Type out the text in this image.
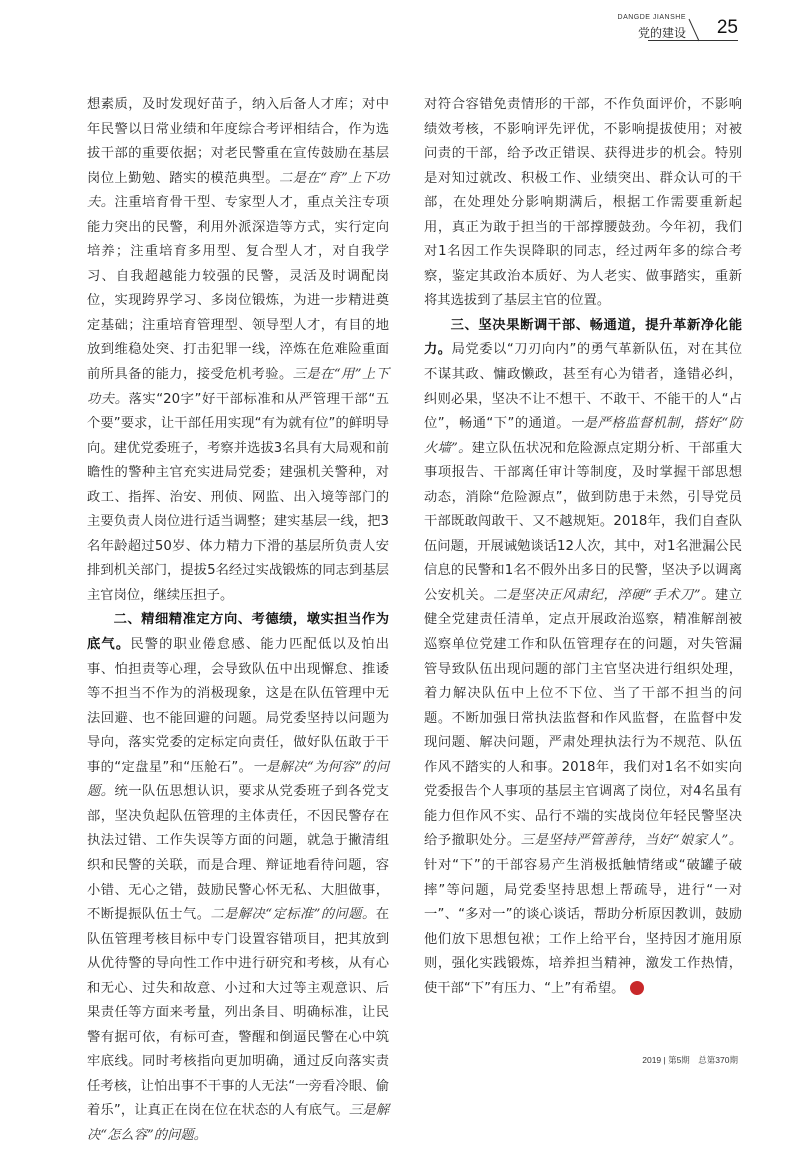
DANGDE JIANSHE
党的建设 25

想素质，及时发现好苗子，纳入后备人才库；对中年民警以日常业绩和年度综合考评相结合，作为选拔干部的重要依据；对老民警重在宣传鼓励在基层岗位上勤勉、踏实的模范典型。二是在“育”上下功夫。注重培育骨干型、专家型人才，重点关注专项能力突出的民警，利用外派深造等方式，实行定向培养；注重培育多用型、复合型人才，对自我学习、自我超越能力较强的民警，灵活及时调配岗位，实现跨界学习、多岗位锻炼，为进一步精进奠定基础；注重培育管理型、领导型人才，有目的地放到维稳处突、打击犯罪一线，淬炼在危难险重面前所具备的能力，接受危机考验。三是在“用”上下功夫。落实“20字”好干部标准和从严管理干部“五个要”要求，让干部任用实现“有为就有位”的鲜明导向。建优党委班子，考察并选拔3名具有大局观和前瞻性的警种主官充实进局党委；建强机关警种，对政工、指挥、治安、刑侦、网监、出入境等部门的主要负责人岗位进行适当调整；建实基层一线，把3名年龄超过50岁、体力精力下滑的基层所负责人安排到机关部门，提拔5名经过实战锻炼的同志到基层主官岗位，继续压担子。

二、精细精准定方向、考德绩，墩实担当作为底气。民警的职业倦怠感、能力匹配低以及怕出事、怕担责等心理，会导致队伍中出现懈怠、推诿等不担当不作为的消极现象，这是在队伍管理中无法回避、也不能回避的问题。局党委坚持以问题为导向，落实党委的定标定向责任，做好队伍敢于干事的“定盘星”和“压舱石”。一是解决“为何容”的问题。统一队伍思想认识，要求从党委班子到各党支部，坚决负起队伍管理的主体责任，不因民警存在执法过错、工作失误等方面的问题，就急于撇清组织和民警的关联，而是合理、辩证地看待问题，容小错、无心之错，鼓励民警心怀无私、大胆做事，不断提振队伍士气。二是解决“定标准”的问题。在队伍管理考核目标中专门设置容错项目，把其放到从优待警的导向性工作中进行研究和考核，从有心和无心、过失和故意、小过和大过等主观意识、后果责任等方面来考量，列出条目、明确标准，让民警有据可依，有标可查，警醒和倒逼民警在心中筑牢底线。同时考核指向更加明确，通过反向落实责任考核，让怕出事不干事的人无法“一旁看冷眼、偷着乐”，让真正在岗在位在状态的人有底气。三是解决“怎么容”的问题。

对符合容错免责情形的干部，不作负面评价，不影响绩效考核，不影响评先评优，不影响提拔使用；对被问责的干部，给予改正错误、获得进步的机会。特别是对知过就改、积极工作、业绩突出、群众认可的干部，在处理处分影响期满后，根据工作需要重新起用，真正为敢于担当的干部撑腰鼓劲。今年初，我们对1名因工作失误降职的同志，经过两年多的综合考察，鉴定其政治本质好、为人老实、做事踏实，重新将其选拔到了基层主官的位置。

三、坚决果断调干部、畅通道，提升革新净化能力。局党委以“刀刃向内”的勇气革新队伍，对在其位不谋其政、慵政懒政，甚至有心为错者，逢错必纠，纠则必果，坚决不让不想干、不敢干、不能干的人“占位”，畅通“下”的通道。一是严格监督机制，搭好“防火墙”。建立队伍状况和危险源点定期分析、干部重大事项报告、干部离任审计等制度，及时掌握干部思想动态，消除“危险源点”，做到防患于未然，引导党员干部既敢闯敢干、又不越规矩。2018年，我们自查队伍问题，开展诫勉谈话12人次，其中，对1名泄漏公民信息的民警和1名不假外出多日的民警，坚决予以调离公安机关。二是坚决正风肃纪，淬硬“手术刀”。建立健全党建责任清单，定点开展政治巡察，精准解剖被巡察单位党建工作和队伍管理存在的问题，对失管漏管导致队伍出现问题的部门主官坚决进行组织处理，着力解决队伍中上位不下位、当了干部不担当的问题。不断加强日常执法监督和作风监督，在监督中发现问题、解决问题，严肃处理执法行为不规范、队伍作风不踏实的人和事。2018年，我们对1名不如实向党委报告个人事项的基层主官调离了岗位，对4名虽有能力但作风不实、品行不端的实战岗位年轻民警坚决给予撤职处分。三是坚持严管善待，当好“娘家人”。针对“下”的干部容易产生消极抵触情绪或“破罐子破摔”等问题，局党委坚持思想上帮疏导，进行“一对一”、“多对一”的谈心谈话，帮助分析原因教训，鼓励他们放下思想包袱；工作上给平台，坚持因才施用原则，强化实践锻炼，培养担当精神，激发工作热情，使干部“下”有压力、“上”有希望。	党

2019 | 第5期　总第370期
